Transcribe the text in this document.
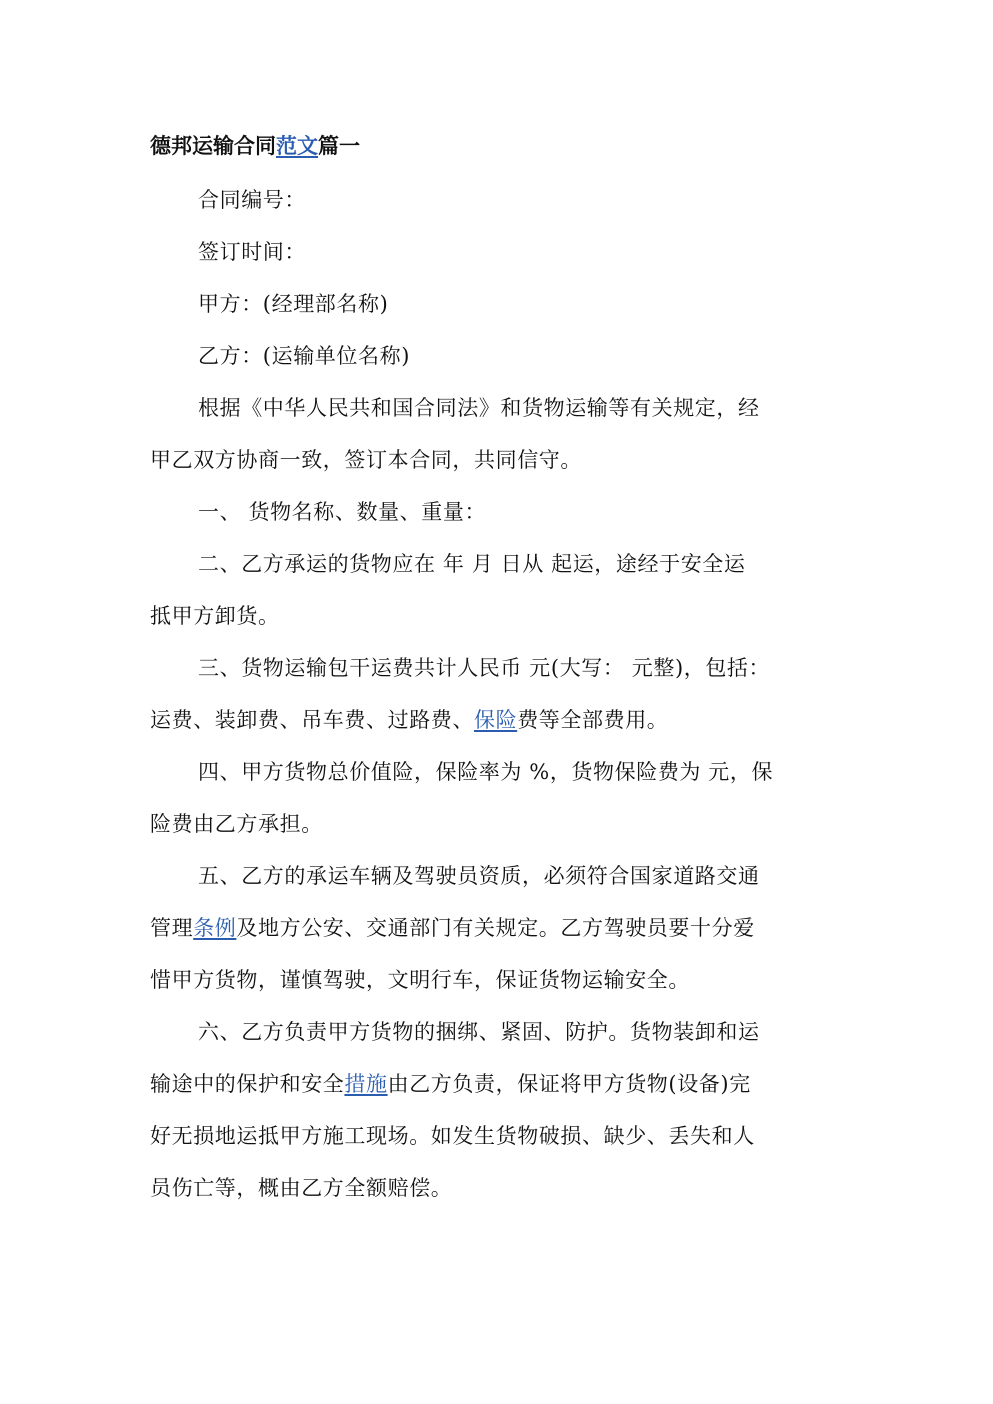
德邦运输合同范文篇一
合同编号：
签订时间：
甲方：(经理部名称)
乙方：(运输单位名称)
根据《中华人民共和国合同法》和货物运输等有关规定，经
甲乙双方协商一致，签订本合同，共同信守。
一、 货物名称、数量、重量：
二、乙方承运的货物应在 年 月 日从 起运，途经于安全运
抵甲方卸货。
三、货物运输包干运费共计人民币 元(大写： 元整)，包括：
运费、装卸费、吊车费、过路费、保险费等全部费用。
四、甲方货物总价值险，保险率为 %，货物保险费为 元，保
险费由乙方承担。
五、乙方的承运车辆及驾驶员资质，必须符合国家道路交通
管理条例及地方公安、交通部门有关规定。乙方驾驶员要十分爱
惜甲方货物，谨慎驾驶，文明行车，保证货物运输安全。
六、乙方负责甲方货物的捆绑、紧固、防护。货物装卸和运
输途中的保护和安全措施由乙方负责，保证将甲方货物(设备)完
好无损地运抵甲方施工现场。如发生货物破损、缺少、丢失和人
员伤亡等，概由乙方全额赔偿。
